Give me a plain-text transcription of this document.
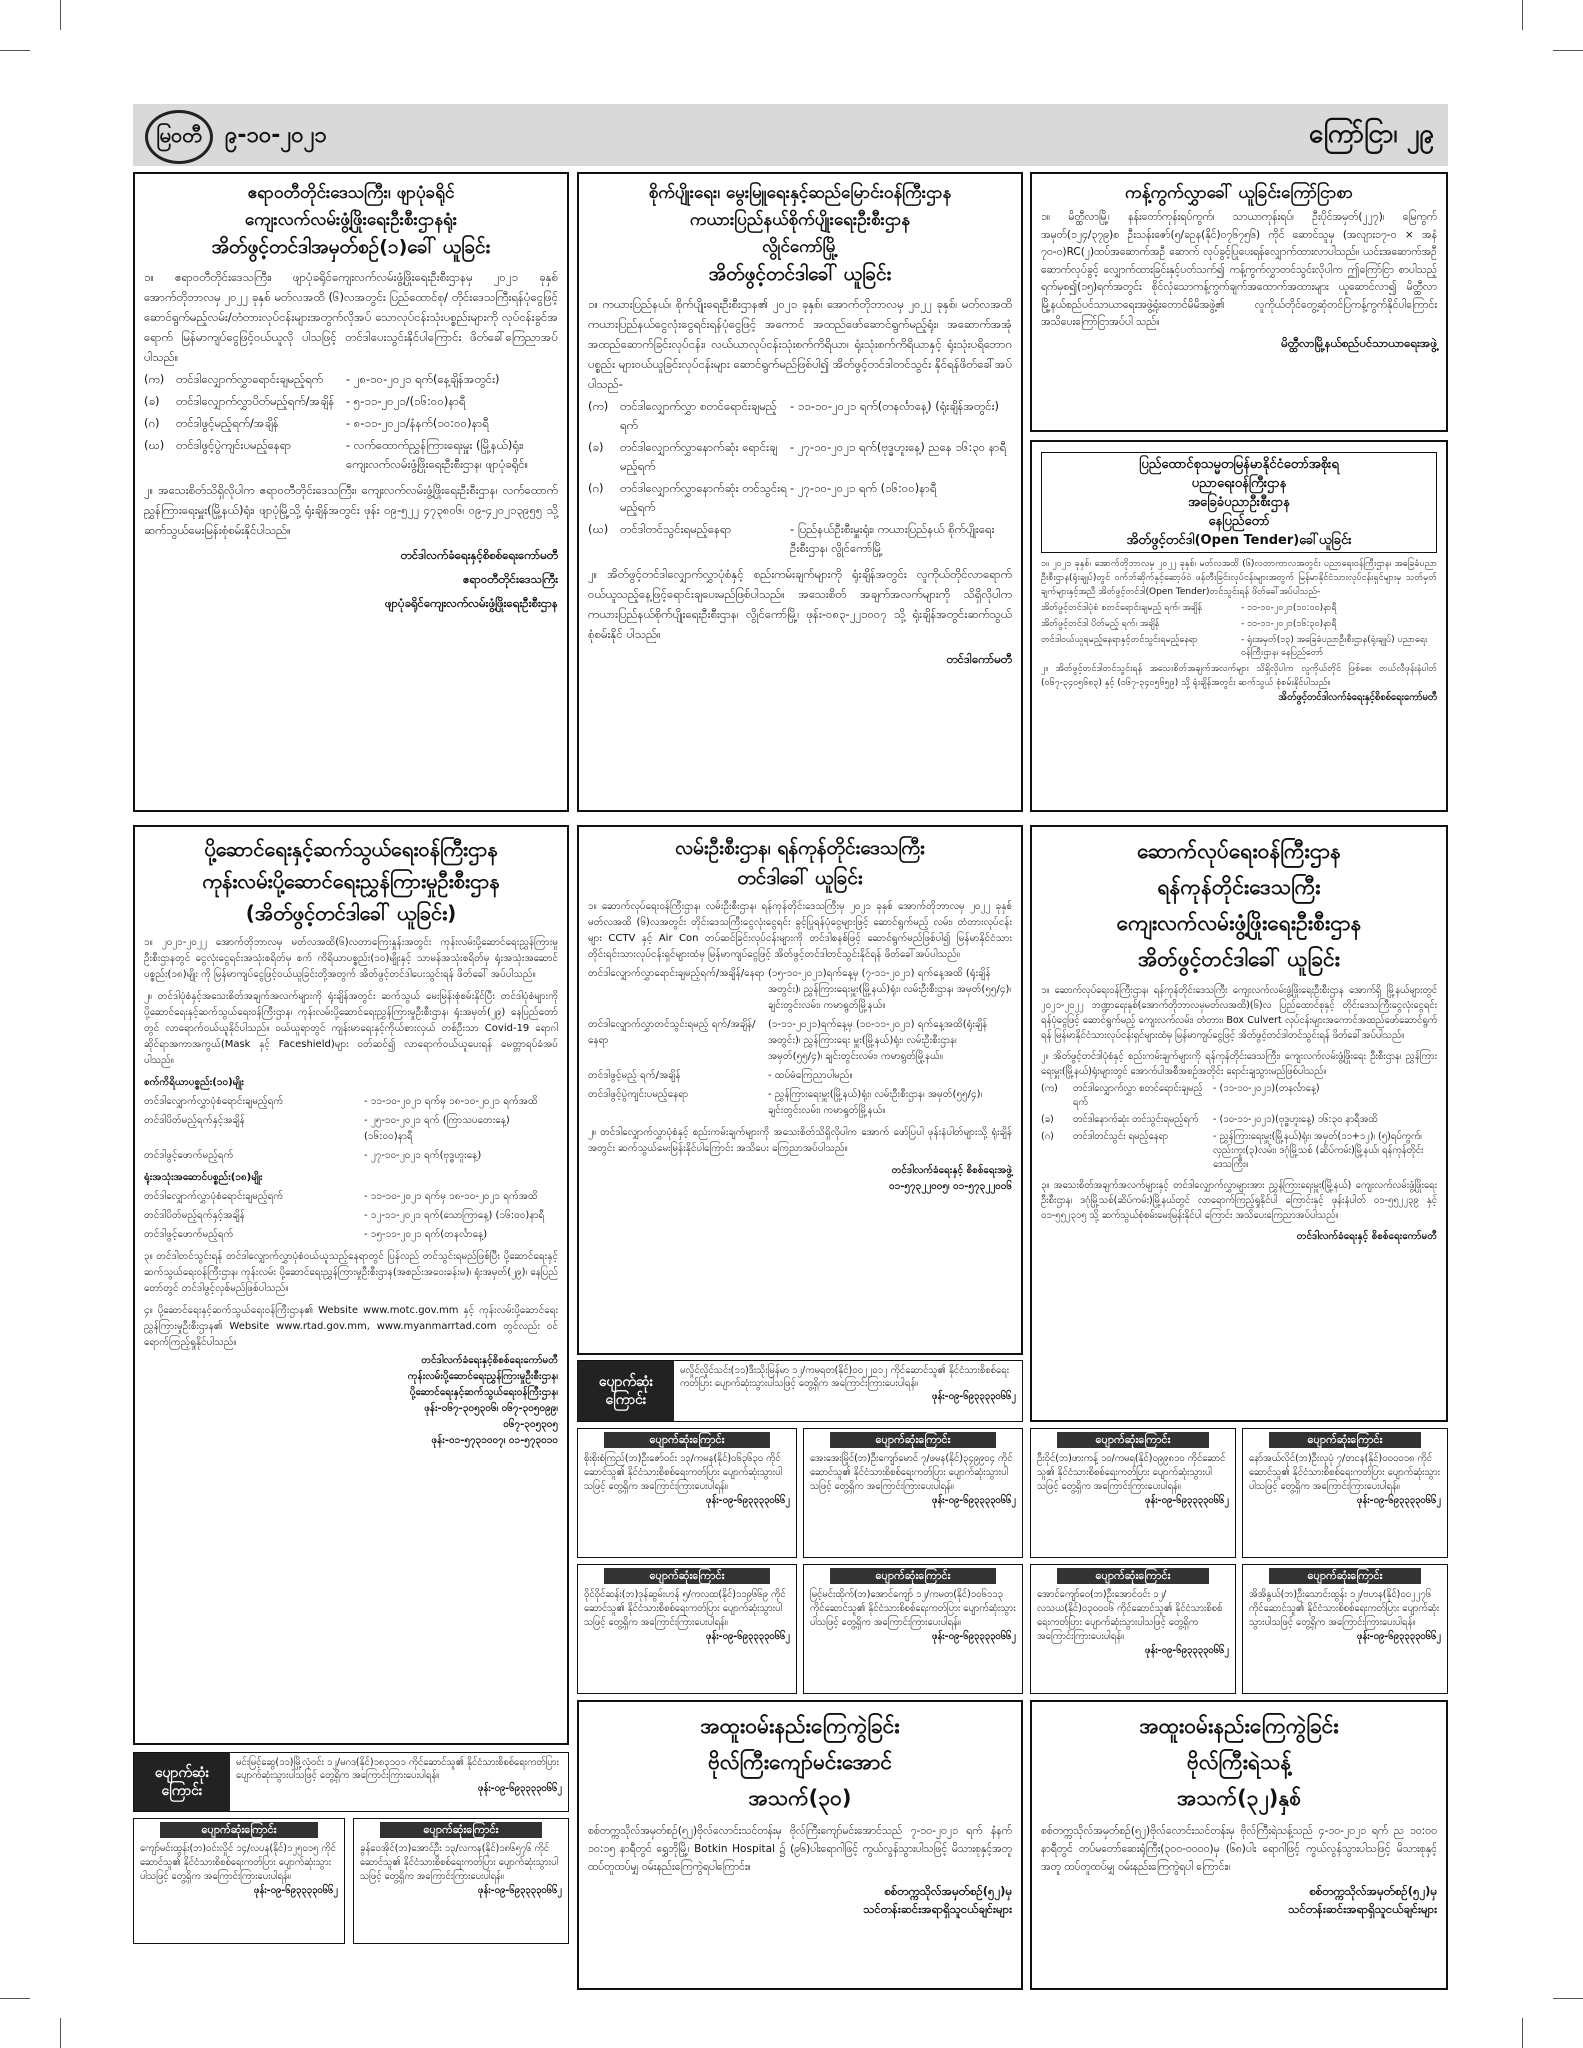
မြဝတီ	၉-၁၀-၂၀၂၁	ကြော်ငြာ၊ ၂၉
ဧရာဝတီတိုင်းဒေသကြီး၊ ဖျာပုံခရိုင်
ကျေးလက်လမ်းဖွံ့ဖြိုးရေးဦးစီးဌာနရုံး
အိတ်ဖွင့်တင်ဒါအမှတ်စဉ်(၁)ခေါ် ယူခြင်း
၁။ ဧရာဝတီတိုင်းဒေသကြီး၊ ဖျာပုံခရိုင်ကျေးလက်လမ်းဖွံ့ဖြိုးရေးဦးစီးဌာနမှ ၂၀၂၁ ခုနှစ် အောက်တိုဘာလမှ ၂၀၂၂ ခုနှစ် မတ်လအထိ (၆)လအတွင်း ပြည်ထောင်စု/ တိုင်းဒေသကြီးရန်ပုံငွေဖြင့်ဆောင်ရွက်မည့်လမ်း/တံတားလုပ်ငန်းများအတွက်လိုအပ် သောလုပ်ငန်းသုံးပစ္စည်းများကို လုပ်ငန်းခွင်အရောက် မြန်မာကျပ်ငွေဖြင့်ဝယ်ယူလို ပါသဖြင့် တင်ဒါပေးသွင်းနိုင်ပါကြောင်း ဖိတ်ခေါ်ကြေညာအပ်ပါသည်။
(က)	တင်ဒါလျှောက်လွှာရောင်းချမည့်ရက်	- ၂၈-၁၀-၂၀၂၁ ရက်(နေ့ချိန်အတွင်း)
(ခ)	တင်ဒါလျှောက်လွှာပိတ်မည့်ရက်/အချိန်	- ၅-၁၁-၂၀၂၁/(၁၆:၀၀)နာရီ
(ဂ)	တင်ဒါဖွင့်မည့်ရက်/အချိန်	- ၈-၁၁-၂၀၂၁/နံနက်(၁၀:၀၀)နာရီ
(ဃ)	တင်ဒါဖွင့်ပွဲကျင်းပမည့်နေရာ	- လက်ထောက်ညွှန်ကြားရေးမှူး (မြို့နယ်)ရုံး၊ ကျေးလက်လမ်းဖွံ့ဖြိုးရေးဦးစီးဌာန၊ ဖျာပုံခရိုင်။
၂။ အသေးစိတ်သိရှိလိုပါက ဧရာဝတီတိုင်းဒေသကြီး၊ ကျေးလက်လမ်းဖွံ့ဖြိုးရေးဦးစီးဌာန၊ လက်ထောက်ညွှန်ကြားရေးမှူး(မြို့နယ်)ရုံး၊ ဖျာပုံမြို့သို့ ရုံးချိန်အတွင်း ဖုန်း ၀၉-၅၂၂ ၄၇၃၈၀၆၊ ၀၉-၄၂၀၂၁၃၉၅၅ သို့ ဆက်သွယ်မေးမြန်းစုံစမ်းနိုင်ပါသည်။
တင်ဒါလက်ခံရေးနှင့်စိစစ်ရေးကော်မတီ
ဧရာဝတီတိုင်းဒေသကြီး
ဖျာပုံခရိုင်ကျေးလက်လမ်းဖွံ့ဖြိုးရေးဦးစီးဌာန
စိုက်ပျိုးရေး၊ မွေးမြူရေးနှင့်ဆည်မြောင်းဝန်ကြီးဌာန
ကယားပြည်နယ်စိုက်ပျိုးရေးဦးစီးဌာန
လွိုင်ကော်မြို့
အိတ်ဖွင့်တင်ဒါခေါ် ယူခြင်း
၁။ ကယားပြည်နယ်၊ စိုက်ပျိုးရေးဦးစီးဌာန၏ ၂၀၂၁ ခုနှစ်၊ အောက်တိုဘာလမှ ၂၀၂၂ ခုနှစ်၊ မတ်လအထိ ကယားပြည်နယ်ငွေလုံးငွေရင်းရန်ပုံငွေဖြင့် အကောင် အထည်ဖော်ဆောင်ရွက်မည့်ရုံး၊ အဆောက်အအုံအထည်ဆောက်ခြင်းလုပ်ငန်း၊ လယ်ယာလုပ်ငန်းသုံးစက်ကိရိယာ၊ ရုံးသုံးစက်ကိရိယာနှင့် ရုံးသုံးပရိဘောဂပစ္စည်း များဝယ်ယူခြင်းလုပ်ငန်းများ ဆောင်ရွက်မည်ဖြစ်ပါ၍ အိတ်ဖွင့်တင်ဒါတင်သွင်း နိုင်ရန်ဖိတ်ခေါ်အပ်ပါသည်-
(က)	တင်ဒါလျှောက်လွှာ စတင်ရောင်းချမည့်ရက်
- ၁၁-၁၀-၂၀၂၁ ရက်(တနင်္လာနေ့) (ရုံးချိန်အတွင်း)
(ခ)	တင်ဒါလျှောက်လွှာနောက်ဆုံး ရောင်းချမည့်ရက်
- ၂၇-၁၀-၂၀၂၁ ရက်(ဗုဒ္ဓဟူးနေ့) ညနေ ၁၆:၃၀ နာရီ
(ဂ)	တင်ဒါလျှောက်လွှာနောက်ဆုံး တင်သွင်းရမည့်ရက်
- ၂၇-၁၀-၂၀၂၁ ရက် (၁၆:၀၀)နာရီ
(ဃ)	တင်ဒါတင်သွင်းရမည့်နေရာ	- ပြည်နယ်ဦးစီးမှူးရုံး၊ ကယားပြည်နယ် စိုက်ပျိုးရေးဦးစီးဌာန၊ လွိုင်ကော်မြို့
၂။ အိတ်ဖွင့်တင်ဒါလျှောက်လွှာပုံစံနှင့် စည်းကမ်းချက်များကို ရုံးချိန်အတွင်း လူကိုယ်တိုင်လာရောက်ဝယ်ယူသည့်နေ့ဖြင့်ရောင်းချပေးမည်ဖြစ်ပါသည်။ အသေးစိတ် အချက်အလက်များကို သိရှိလိုပါက ကယားပြည်နယ်စိုက်ပျိုးရေးဦးစီးဌာန၊ လွိုင်ကော်မြို့၊ ဖုန်း-၀၈၃-၂၂၁၀၀၇ သို့ ရုံးချိန်အတွင်းဆက်သွယ်စုံစမ်းနိုင် ပါသည်။
တင်ဒါကော်မတီ
ကန့်ကွက်လွှာခေါ် ယူခြင်းကြော်ငြာစာ
၁။ မိတ္ထီလာမြို့၊ နန်းတော်ကုန်းရပ်ကွက်၊ သာယာကုန်းရပ်၊ ဦးပိုင်အမှတ်(၂၂၇)၊ မြေကွက်အမှတ်(၁၂၄/၃၇၉)စ ဦးသန်းဇော်(၅/ခဥန(နိုင်)၀၇၆၇၅၆) ကိုင် ဆောင်သူမှ (အလျား၁၇-၀ × အနံ ၇၀-၀)RC(၂)ထပ်အဆောက်အဦ ဆောက် လုပ်ခွင့်ပြုပေးရန်လျှောက်ထားလာပါသည်။ ယင်းအဆောက်အဦဆောက်လုပ်ခွင့် လျှောက်ထားခြင်းနှင့်ပတ်သက်၍ ကန့်ကွက်လွှာတင်သွင်းလိုပါက ဤကြော်ငြာ စာပါသည့်ရက်မှစ၍(၁၅)ရက်အတွင်း စိုင်လုံသောကန့်ကွက်ချက်အထောက်အထားများ ယူဆောင်လာ၍ မိတ္ထီလာမြို့နယ်စည်ပင်သာယာရေးအဖွဲ့ရုံးတောင်မိမိအဖွဲ့၏ လူကိုယ်တိုင်တွေ့ဆုံတင်ပြကန့်ကွက်နိုင်ပါကြောင်း အသိပေးကြော်ငြာအပ်ပါ သည်။
မိတ္ထီလာမြို့နယ်စည်ပင်သာယာရေးအဖွဲ့
ပြည်ထောင်စုသမ္မတမြန်မာနိုင်ငံတော်အစိုးရ
ပညာရေးဝန်ကြီးဌာန
အခြေခံပညာဦးစီးဌာန
နေပြည်တော်
အိတ်ဖွင့်တင်ဒါ(Open Tender)ခေါ်ယူခြင်း
၁။ ၂၀၂၁ ခုနှစ်၊ အောက်တိုဘာလမှ ၂၀၂၂ ခုနှစ်၊ မတ်လအထိ (၆)လတာကာလအတွင်း ပညာရေးဝန်ကြီးဌာန၊ အခြေခံပညာဦးစီးဌာန(ရုံးချုပ်)တွင် ဝက်ဘ်ဆိုက်နှင့်ဆော့ဖ်ဝဲ ဖန်တီးခြင်းလုပ်ငန်းများအတွက် မြန်မာနိုင်ငံသားလုပ်ငန်းရှင်များမှ သတ်မှတ်ချက်များနှင့်အညီ အိတ်ဖွင့်တင်ဒါ(Open Tender)တင်သွင်းရန် ဖိတ်ခေါ်အပ်ပါသည်-
အိတ်ဖွင့်တင်ဒါပုံစံ စတင်ရောင်းချမည့် ရက်၊ အချိန်	- ၁၁-၁၀-၂၀၂၁(၁၀:၀၀)နာရီ
အိတ်ဖွင့်တင်ဒါ ပိတ်မည့် ရက်၊ အချိန်	- ၁၁-၁၁-၂၀၂၁(၁၆:၃၀)နာရီ
တင်ဒါဝယ်ယူရမည့်နေရာနှင့်တင်သွင်းရမည့်နေရာ	- ရုံးအမှတ်(၁၃) အခြေခံပညာဦးစီးဌာန(ရုံးချုပ်) ပညာရေးဝန်ကြီးဌာန၊ နေပြည်တော်
၂။ အိတ်ဖွင့်တင်ဒါတင်သွင်းရန် အသေးစိတ်အချက်အလက်များ သိရှိလိုပါက လူကိုယ်တိုင် ဖြစ်စေ၊ တယ်လီဖုန်းနံပါတ် (၀၆၇-၃၄၀၅၆၈၃) နှင့် (၀၆၇-၃၄၀၅၆၅၉) သို့ ရုံးချိန်အတွင်း ဆက်သွယ် စုံစမ်းနိုင်ပါသည်။
အိတ်ဖွင့်တင်ဒါလက်ခံရေးနှင့်စိစစ်ရေးကော်မတီ
ပို့ဆောင်ရေးနှင့်ဆက်သွယ်ရေးဝန်ကြီးဌာန
ကုန်းလမ်းပို့ဆောင်ရေးညွှန်ကြားမှုဦးစီးဌာန
(အိတ်ဖွင့်တင်ဒါခေါ် ယူခြင်း)
၁။ ၂၀၂၁-၂၀၂၂ အောက်တိုဘာလမှ မတ်လအထိ(၆)လတာကြေးနှုန်းအတွင်း ကုန်းလမ်းပို့ဆောင်ရေးညွှန်ကြားမှုဦးစီးဌာနတွင် ငွေလုံးငွေရင်းအသုံးစရိတ်မှ စက် ကိရိယာပစ္စည်း(၁၀)မျိုးနှင့် သာမန်အသုံးစရိတ်မှ ရုံးအသုံးအဆောင်ပစ္စည်း(၁၈)မျိုး ကို မြန်မာကျပ်ငွေဖြင့်ဝယ်ယူခြင်းတို့အတွက် အိတ်ဖွင့်တင်ဒါပေးသွင်းရန် ဖိတ်ခေါ် အပ်ပါသည်။
၂။ တင်ဒါပုံစံနှင့်အသေးစိတ်အချက်အလက်များကို ရုံးချိန်အတွင်း ဆက်သွယ် မေးမြန်းစုံစမ်းနိုင်ပြီး တင်ဒါပုံစံများကို ပို့ဆောင်ရေးနှင့်ဆက်သွယ်ရေးဝန်ကြီးဌာန၊ ကုန်းလမ်းပို့ဆောင်ရေးညွှန်ကြားမှုဦးစီးဌာန၊ ရုံးအမှတ်(၂၉) နေပြည်တော်တွင် လာရောက်ဝယ်ယူနိုင်ပါသည်။ ဝယ်ယူရာတွင် ကျန်းမာရေးနှင့်ကိုယ်စားလှယ် တစ်ဦးသာ Covid-19 ရောဂါဆိုင်ရာအကာအကွယ်(Mask နှင့် Faceshield)များ ဝတ်ဆင်၍ လာရောက်ဝယ်ယူပေးရန် မေတ္တာရပ်ခံအပ်ပါသည်။
စက်ကိရိယာပစ္စည်း(၁၀)မျိုး
တင်ဒါလျှောက်လွှာပုံစံရောင်းချမည့်ရက်	- ၁၁-၁၀-၂၀၂၁ ရက်မှ ၁၈-၁၀-၂၀၂၁ ရက်အထိ
တင်ဒါပိတ်မည့်ရက်နှင့်အချိန်	- ၂၅-၁၀-၂၀၂၁ ရက် (ကြာသပတေးနေ့)(၁၆:၀၀)နာရီ
တင်ဒါဖွင့်ဖောက်မည့်ရက်	- ၂၇-၁၀-၂၀၂၁ ရက်(ဗုဒ္ဓဟူးနေ့)
ရုံးအသုံးအဆောင်ပစ္စည်း(၁၈)မျိုး
တင်ဒါလျှောက်လွှာပုံစံရောင်းချမည့်ရက်	- ၁၁-၁၀-၂၀၂၁ ရက်မှ ၁၈-၁၀-၂၀၂၁ ရက်အထိ
တင်ဒါပိတ်မည့်ရက်နှင့်အချိန်	- ၁၂-၁၁-၂၀၂၁ ရက်(သောကြာနေ့) (၁၆:၀၀)နာရီ
တင်ဒါဖွင့်ဖောက်မည့်ရက်	- ၁၅-၁၁-၂၀၂၁ ရက်(တနင်္လာနေ့)
၃။ တင်ဒါတင်သွင်းရန် တင်ဒါလျှောက်လွှာပုံစံဝယ်ယူသည့်နေရာတွင် ပြန်လည် တင်သွင်းရမည်ဖြစ်ပြီး ပို့ဆောင်ရေးနှင့်ဆက်သွယ်ရေးဝန်ကြီးဌာန၊ ကုန်းလမ်း ပို့ဆောင်ရေးညွှန်ကြားမှုဦးစီးဌာန(အစည်းအဝေးခန်းမ)၊ ရုံးအမှတ်(၂၉)၊ နေပြည် တော်တွင် တင်ဒါဖွင့်လှစ်မည်ဖြစ်ပါသည်။
၄။ ပို့ဆောင်ရေးနှင့်ဆက်သွယ်ရေးဝန်ကြီးဌာန၏ Website www.motc.gov.mm နှင့် ကုန်းလမ်းပို့ဆောင်ရေးညွှန်ကြားမှုဦးစီးဌာန၏ Website www.rtad.gov.mm, www.myanmarrtad.com တွင်လည်း ဝင်ရောက်ကြည့်ရှုနိုင်ပါသည်။
တင်ဒါလက်ခံရေးနှင့်စိစစ်ရေးကော်မတီ
ကုန်းလမ်းပို့ဆောင်ရေးညွှန်ကြားမှုဦးစီးဌာန၊
ပို့ဆောင်ရေးနှင့်ဆက်သွယ်ရေးဝန်ကြီးဌာန၊
ဖုန်း-၀၆၇-၃၀၅၃၀၆၊ ၀၆၇-၃၀၅၀၉၉၊
၀၆၇-၃၀၅၃၀၅
ဖုန်း-၀၁-၅၇၃၁၀၀၇၊ ၀၁-၅၇၃၀၁၀
လမ်းဦးစီးဌာန၊ ရန်ကုန်တိုင်းဒေသကြီး
တင်ဒါခေါ် ယူခြင်း
၁။ ဆောက်လုပ်ရေးဝန်ကြီးဌာန၊ လမ်းဦးစီးဌာန၊ ရန်ကုန်တိုင်းဒေသကြီးမှ ၂၀၂၁ ခုနှစ် အောက်တိုဘာလမှ ၂၀၂၂ ခုနှစ် မတ်လအထိ (၆)လအတွင်း တိုင်းဒေသကြီးငွေလုံးငွေရင်း ခွင့်ပြုရန်ပုံငွေများဖြင့် ဆောင်ရွက်မည့် လမ်း၊ တံတားလုပ်ငန်းများ CCTV နှင့် Air Con တပ်ဆင်ခြင်းလုပ်ငန်းများကို တင်ဒါစနစ်ဖြင့် ဆောင်ရွက်မည်ဖြစ်ပါ၍ မြန်မာနိုင်ငံသား တိုင်းရင်းသားလုပ်ငန်းရှင်များထံမှ မြန်မာကျပ်ငွေဖြင့် အိတ်ဖွင့်တင်ဒါတင်သွင်းနိုင်ရန် ဖိတ်ခေါ်အပ်ပါသည်။
တင်ဒါလျှောက်လွှာရောင်းချမည့်ရက်/အချိန်/နေရာ (၁၅-၁၀-၂၀၂၁)ရက်နေ့မှ (၇-၁၁-၂၀၂၁) ရက်နေ့အထိ (ရုံးချိန်အတွင်း)၊ ညွှန်ကြားရေးမှူး(မြို့နယ်)ရုံး၊ လမ်းဦးစီးဌာန၊ အမှတ်(၅၅/၄)၊ ချင်းတွင်းလမ်း၊ ကမာရွတ်မြို့နယ်။
တင်ဒါလျှောက်လွှာတင်သွင်းရမည့် ရက်/အချိန်/နေရာ
(၁-၁၁-၂၀၂၁)ရက်နေ့မှ (၁၀-၁၁-၂၀၂၁) ရက်နေ့အထိ(ရုံးချိန်အတွင်း)၊ ညွှန်ကြားရေး မှူး(မြို့နယ်)ရုံး၊ လမ်းဦးစီးဌာန၊ အမှတ်(၅၅/၄)၊ ချင်းတွင်းလမ်း၊ ကမာရွတ်မြို့နယ်။
တင်ဒါဖွင့်မည့် ရက်/အချိန်	- ထပ်မံကြေညာပါမည်။
တင်ဒါဖွင့်ပွဲကျင်းပမည့်နေရာ	- ညွှန်ကြားရေးမှူး(မြို့နယ်)ရုံး၊ လမ်းဦးစီးဌာန၊ အမှတ်(၅၅/၄)၊ ချင်းတွင်းလမ်း၊ ကမာရွတ်မြို့နယ်။
၂။ တင်ဒါလျှောက်လွှာပုံစံနှင့် စည်းကမ်းချက်များကို အသေးစိတ်သိရှိလိုပါက အောက် ဖော်ပြပါ ဖုန်းနံပါတ်များသို့ ရုံးချိန်အတွင်း ဆက်သွယ်မေးမြန်းနိုင်ပါကြောင်း အသိပေး ကြေညာအပ်ပါသည်။
တင်ဒါလက်ခံရေးနှင့် စိစစ်ရေးအဖွဲ့
၀၁-၅၇၃၂၂၀၀၅၊ ၀၁-၅၇၃၂၂၀၀၆
ပျောက်ဆုံး
ကြောင်း
မလှိုင်လှိုင်သင်း(၁၁)ဒီးသိုးမြန်မာ ၁၂/ကမရတ(နိုင်)၀၀၂၂၀၁၂ ကိုင်ဆောင်သူ၏ နိုင်ငံသားစိစစ်ရေးကတ်ပြား ပျောက်ဆုံးသွားပါသဖြင့် တွေ့ရှိက အကြောင်းကြားပေးပါရန်။
ဖုန်း-၀၉-၆၉၃၃၃၃၀၆၆၂
ဆောက်လုပ်ရေးဝန်ကြီးဌာန
ရန်ကုန်တိုင်းဒေသကြီး
ကျေးလက်လမ်းဖွံ့ဖြိုးရေးဦးစီးဌာန
အိတ်ဖွင့်တင်ဒါခေါ် ယူခြင်း
၁။ ဆောက်လုပ်ရေးဝန်ကြီးဌာန၊ ရန်ကုန်တိုင်းဒေသကြီး ကျေးလက်လမ်းဖွံ့ဖြိုးရေးဦးစီးဌာန အောက်ရှိ မြို့နယ်များတွင် ၂၀၂၁-၂၀၂၂ ဘဏ္ဍာရေးနှစ်(အောက်တိုဘာလမှမတ်လအထိ)(၆)လ ပြည်ထောင်စုနှင့် တိုင်းဒေသကြီးငွေလုံးငွေရင်းရန်ပုံငွေဖြင့် ဆောင်ရွက်မည့် ကျေးလက်လမ်း၊ တံတား၊ Box Culvert လုပ်ငန်းများအကောင်အထည်ဖော်ဆောင်ရွက်ရန် မြန်မာနိုင်ငံသားလုပ်ငန်းရှင်များထံမှ မြန်မာကျပ်ငွေဖြင့် အိတ်ဖွင့်တင်ဒါတင်သွင်းရန် ဖိတ်ခေါ်အပ်ပါသည်။
၂။ အိတ်ဖွင့်တင်ဒါပုံစံနှင့် စည်းကမ်းချက်များကို ရန်ကုန်တိုင်းဒေသကြီး၊ ကျေးလက်လမ်းဖွံ့ဖြိုးရေး ဦးစီးဌာန၊ ညွှန်ကြားရေးမှူး(မြို့နယ်)ရုံးများတွင် အောက်ပါအစီအစဉ်အတိုင်း ရောင်းချသွားမည်ဖြစ်ပါသည်။
(က)	တင်ဒါလျှောက်လွှာ စတင်ရောင်းချမည့်ရက်
- (၁၁-၁၀-၂၀၂၁)(တနင်္လာနေ့)
(ခ)	တင်ဒါနောက်ဆုံး တင်သွင်းရမည့်ရက်	- (၁၀-၁၁-၂၀၂၁)(ဗုဒ္ဓဟူးနေ့) ၁၆:၃၀ နာရီအထိ
(ဂ)	တင်ဒါတင်သွင်း ရမည့်နေရာ	- ညွှန်ကြားရေးမှူး(မြို့နယ်)ရုံး၊ အမှတ်(၁၁+၁၂)၊ (၅)ရပ်ကွက်၊ လှည်းကူး(၃)လမ်း၊ ဒဂုံမြို့သစ် (ဆိပ်ကမ်း)မြို့နယ်၊ ရန်ကုန်တိုင်းဒေသကြီး။
၃။ အသေးစိတ်အချက်အလက်များနှင့် တင်ဒါလျှောက်လွှာများအား ညွှန်ကြားရေးမှူး(မြို့နယ်) ကျေးလက်လမ်းဖွံ့ဖြိုးရေးဦးစီးဌာန၊ ဒဂုံမြို့သစ်(ဆိပ်ကမ်း)မြို့နယ်တွင် လာရောက်ကြည့်ရှုနိုင်ပါ ကြောင်းနှင့် ဖုန်းနံပါတ် ၀၁-၅၅၂၂၃၉ နှင့် ၀၁-၅၅၂၃၁၅ သို့ ဆက်သွယ်စုံစမ်းမေးမြန်းနိုင်ပါ ကြောင်း အသိပေးကြေညာအပ်ပါသည်။
တင်ဒါလက်ခံရေးနှင့် စိစစ်ရေးကော်မတီ
ပျောက်ဆုံးကြောင်း
စိုးစိုးစံကြည်(ဘ)ဦးဇော်ဝင်း ၁၃/ကမန(နိုင်)၀၆၃၆၃၀ ကိုင်ဆောင်သူ၏ နိုင်ငံသားစိစစ်ရေးကတ်ပြား ပျောက်ဆုံးသွားပါသဖြင့် တွေ့ရှိက အကြောင်းကြားပေးပါရန်။
ဖုန်း-၀၉-၆၉၃၃၃၃၀၆၆၂
ပျောက်ဆုံးကြောင်း
အေးအေးမြိုင်(ဘ)ဦးကျော်မောင် ၇/ဖမန(နိုင်)၃၄၉၉၀၄ ကိုင်ဆောင်သူ၏ နိုင်ငံသားစိစစ်ရေးကတ်ပြား ပျောက်ဆုံးသွားပါသဖြင့် တွေ့ရှိက အကြောင်းကြားပေးပါရန်။
ဖုန်း-၀၉-၆၉၃၃၃၃၀၆၆၂
ပျောက်ဆုံးကြောင်း
ဦးဝိုင်(ဘ)ဖားကန့် ၁၀/ကမရ(နိုင်)၀၉၉၈၁၀ ကိုင်ဆောင်သူ၏ နိုင်ငံသားစိစစ်ရေးကတ်ပြား ပျောက်ဆုံးသွားပါသဖြင့် တွေ့ရှိက အကြောင်းကြားပေးပါရန်။
ဖုန်း-၀၉-၆၉၃၃၃၃၀၆၆၂
ပျောက်ဆုံးကြောင်း
နော်အယ်လိုင်(ဘ)ဦးလှပုံ ၇/တငန(နိုင်)၀၀၀၀၁၈ ကိုင်ဆောင်သူ၏ နိုင်ငံသားစိစစ်ရေးကတ်ပြား ပျောက်ဆုံးသွားပါသဖြင့် တွေ့ရှိက အကြောင်းကြားပေးပါရန်။
ဖုန်း-၀၉-၆၉၃၃၃၃၀၆၆၂
ပျောက်ဆုံးကြောင်း
ဝိုင်ဝိုင်ဆန်း(ဘ)ဒုန်ဆွမ်းဟန် ၅/ကလထ(နိုင်)၁၁၉၆၆၉ ကိုင်ဆောင်သူ၏ နိုင်ငံသားစိစစ်ရေးကတ်ပြား ပျောက်ဆုံးသွားပါသဖြင့် တွေ့ရှိက အကြောင်းကြားပေးပါရန်။
ဖုန်း-၀၉-၆၉၃၃၃၃၀၆၆၂
ပျောက်ဆုံးကြောင်း
မြင့်မင်းထိုက်(ဘ)အောင်ကျော် ၁၂/ကမတ(နိုင်)၁၀၆၁၁၃ ကိုင်ဆောင်သူ၏ နိုင်ငံသားစိစစ်ရေးကတ်ပြား ပျောက်ဆုံးသွားပါသဖြင့် တွေ့ရှိက အကြောင်းကြားပေးပါရန်။
ဖုန်း-၀၉-၆၉၃၃၃၃၀၆၆၂
ပျောက်ဆုံးကြောင်း
အောင်ကျော်ဝေ(ဘ)ဦးအောင်ဝင်း ၁၂/လသယ(နိုင်)၀၃၀၀၀၆ ကိုင်ဆောင်သူ၏ နိုင်ငံသားစိစစ်ရေးကတ်ပြား ပျောက်ဆုံးသွားပါသဖြင့် တွေ့ရှိက အကြောင်းကြားပေးပါရန်။
ဖုန်း-၀၉-၆၉၃၃၃၃၀၆၆၂
ပျောက်ဆုံးကြောင်း
အိအိနွယ်(ဘ)ဦးသောင်းထွန်း ၁၂/ဗဟန(နိုင်)၀၀၂၂၇၆ ကိုင်ဆောင်သူ၏ နိုင်ငံသားစိစစ်ရေးကတ်ပြား ပျောက်ဆုံးသွားပါသဖြင့် တွေ့ရှိက အကြောင်းကြားပေးပါရန်။
ဖုန်း-၀၉-၆၉၃၃၃၃၀၆၆၂
အထူးဝမ်းနည်းကြေကွဲခြင်း
ဗိုလ်ကြီးကျော်မင်းအောင်
အသက်(၃၀)
စစ်တက္ကသိုလ်အမှတ်စဉ်(၅၂)ဗိုလ်လောင်းသင်တန်းမှ ဗိုလ်ကြီးကျော်မင်းအောင်သည် ၇-၁၀-၂၀၂၁ ရက် နံနက် ၁၀:၁၅ နာရီတွင် ရွှေဘိုမြို့၊ Botkin Hospital ၌ (၉၆)ပါးရောဂါဖြင့် ကွယ်လွန်သွားပါသဖြင့် မိသားစုနှင့်အတူ ထပ်တူထပ်မျှ ဝမ်းနည်းကြေကွဲရပါကြောင်း။
စစ်တက္ကသိုလ်အမှတ်စဉ်(၅၂)မှ
သင်တန်းဆင်းအရာရှိသူငယ်ချင်းများ
အထူးဝမ်းနည်းကြေကွဲခြင်း
ဗိုလ်ကြီးရဲသန့်
အသက်(၃၂)နှစ်
စစ်တက္ကသိုလ်အမှတ်စဉ်(၅၂)ဗိုလ်လောင်းသင်တန်းမှ ဗိုလ်ကြီးရဲသန့်သည် ၄-၁၀-၂၀၂၁ ရက် ည ၁၀:၀၀ နာရီတွင် တပ်မတော်ဆေးရုံကြီး(၃၀၀-၀၀၀၀)မှ (၆၈)ပါး ရောဂါဖြင့် ကွယ်လွန်သွားပါသဖြင့် မိသားစုနှင့်အတူ ထပ်တူထပ်မျှ ဝမ်းနည်းကြေကွဲရပါ ကြောင်း။
စစ်တက္ကသိုလ်အမှတ်စဉ်(၅၂)မှ
သင်တန်းဆင်းအရာရှိသူငယ်ချင်းများ
ပျောက်ဆုံး
ကြောင်း
မင်းမြင့်ဆွေ(၁၁)မြို့လုံ၀င်း ၁၂/မဂဒ(နိုင်)၁၈၃၁၀၁ ကိုင်ဆောင်သူ၏ နိုင်ငံသားစိစစ်ရေးကတ်ပြား ပျောက်ဆုံးသွားပါသဖြင့် တွေ့ရှိက အကြောင်းကြားပေးပါရန်။
ဖုန်း-၀၉-၆၉၃၃၃၃၀၆၆၂
ပျောက်ဆုံးကြောင်း
ကျော်မင်းထွန်း(ဘ)ဝင်းလှိုင် ၁၄/လပန(နိုင်)၁၂၅၀၁၅ ကိုင်ဆောင်သူ၏ နိုင်ငံသားစိစစ်ရေးကတ်ပြား ပျောက်ဆုံးသွားပါသဖြင့် တွေ့ရှိက အကြောင်းကြားပေးပါရန်။
ဖုန်း-၀၉-၆၉၃၃၃၃၀၆၆၂
ပျောက်ဆုံးကြောင်း
ခွန်ဝေအိုင်(ဘ)အောင်ဦး ၁၃/လကန(နိုင်)၁၈၆၅၇၆ ကိုင်ဆောင်သူ၏ နိုင်ငံသားစိစစ်ရေးကတ်ပြား ပျောက်ဆုံးသွားပါသဖြင့် တွေ့ရှိက အကြောင်းကြားပေးပါရန်။
ဖုန်း-၀၉-၆၉၃၃၃၃၀၆၆၂
